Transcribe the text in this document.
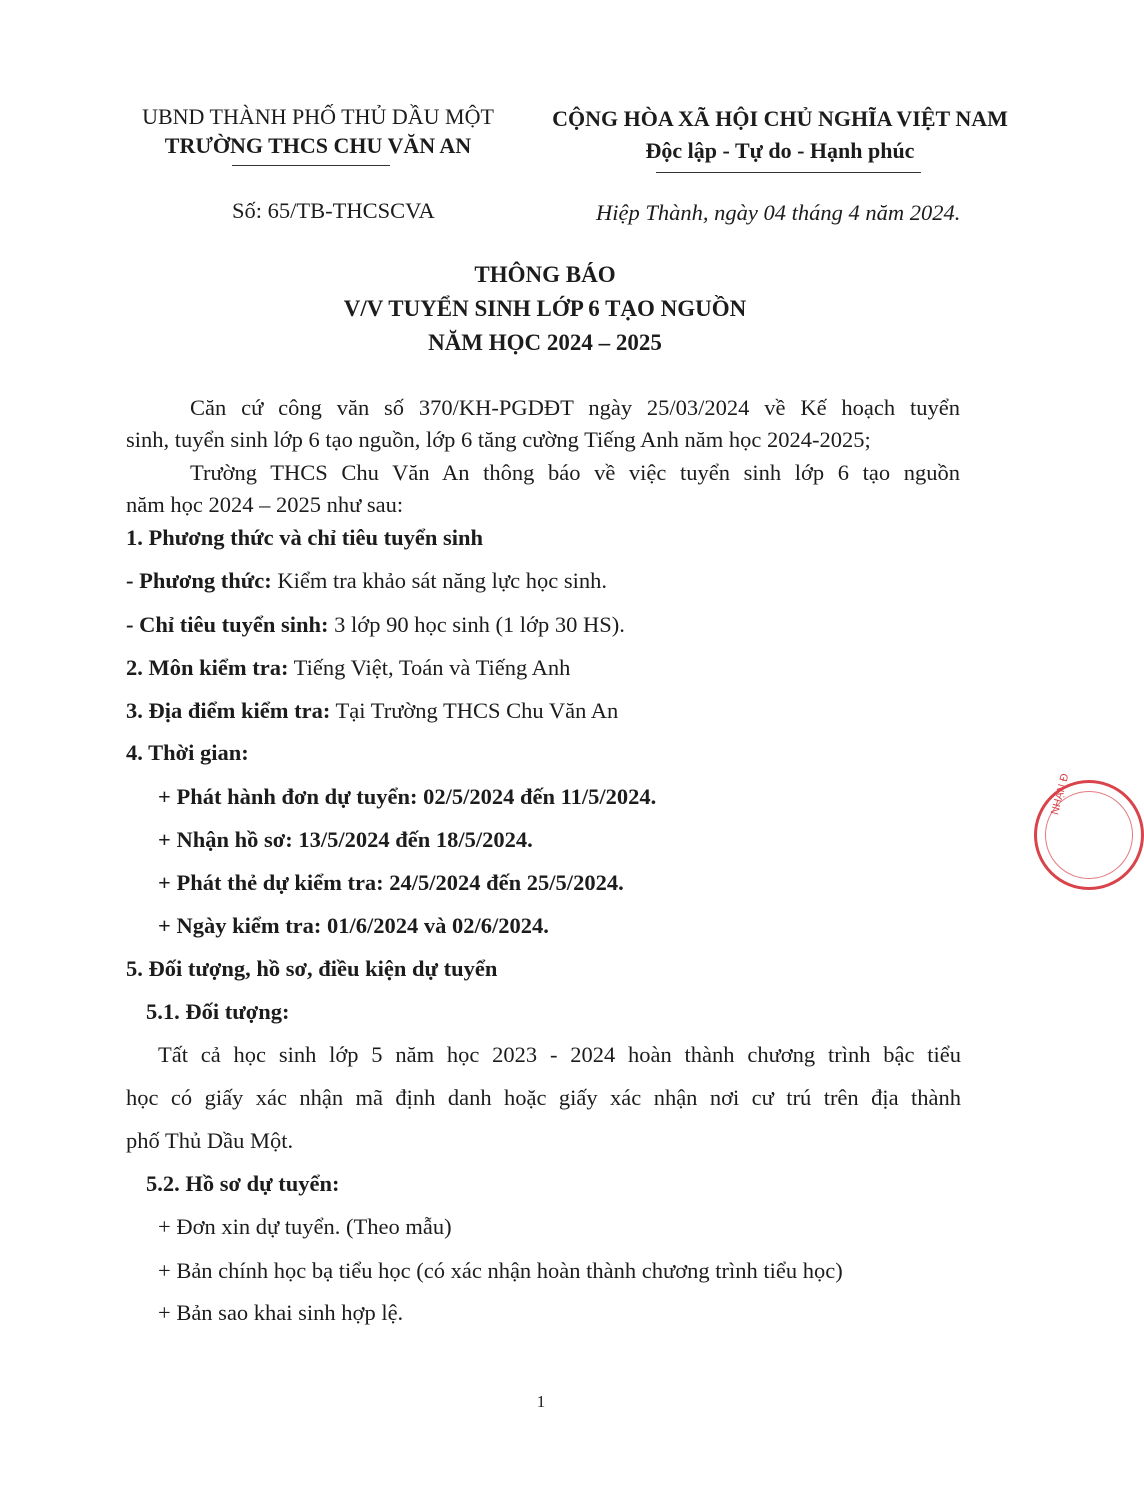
UBND THÀNH PHỐ THỦ DẦU MỘT
TRƯỜNG THCS CHU VĂN AN
CỘNG HÒA XÃ HỘI CHỦ NGHĨA VIỆT NAM
Độc lập - Tự do - Hạnh phúc
Số: 65/TB-THCSCVA	Hiệp Thành, ngày 04 tháng 4 năm 2024.
THÔNG BÁO
V/V TUYỂN SINH LỚP 6 TẠO NGUỒN
NĂM HỌC 2024 – 2025
Căn cứ công văn số 370/KH-PGDĐT ngày 25/03/2024 về Kế hoạch tuyển
sinh, tuyển sinh lớp 6 tạo nguồn, lớp 6 tăng cường Tiếng Anh năm học 2024-2025;
Trường THCS Chu Văn An thông báo về việc tuyển sinh lớp 6 tạo nguồn
năm học 2024 – 2025 như sau:
1. Phương thức và chỉ tiêu tuyển sinh
- Phương thức: Kiểm tra khảo sát năng lực học sinh.
- Chỉ tiêu tuyển sinh: 3 lớp 90 học sinh (1 lớp 30 HS).
2. Môn kiểm tra: Tiếng Việt, Toán và Tiếng Anh
3. Địa điểm kiểm tra: Tại Trường THCS Chu Văn An
4. Thời gian:
+ Phát hành đơn dự tuyển: 02/5/2024 đến 11/5/2024.
+ Nhận hồ sơ: 13/5/2024 đến 18/5/2024.
+ Phát thẻ dự kiểm tra: 24/5/2024 đến 25/5/2024.
+ Ngày kiểm tra: 01/6/2024 và 02/6/2024.
5. Đối tượng, hồ sơ, điều kiện dự tuyển
5.1. Đối tượng:
Tất cả học sinh lớp 5 năm học 2023 - 2024 hoàn thành chương trình bậc tiểu
học có giấy xác nhận mã định danh hoặc giấy xác nhận nơi cư trú trên địa thành
phố Thủ Dầu Một.
5.2. Hồ sơ dự tuyển:
+ Đơn xin dự tuyển. (Theo mẫu)
+ Bản chính học bạ tiểu học (có xác nhận hoàn thành chương trình tiểu học)
+ Bản sao khai sinh hợp lệ.
1
NHẬN Đ
